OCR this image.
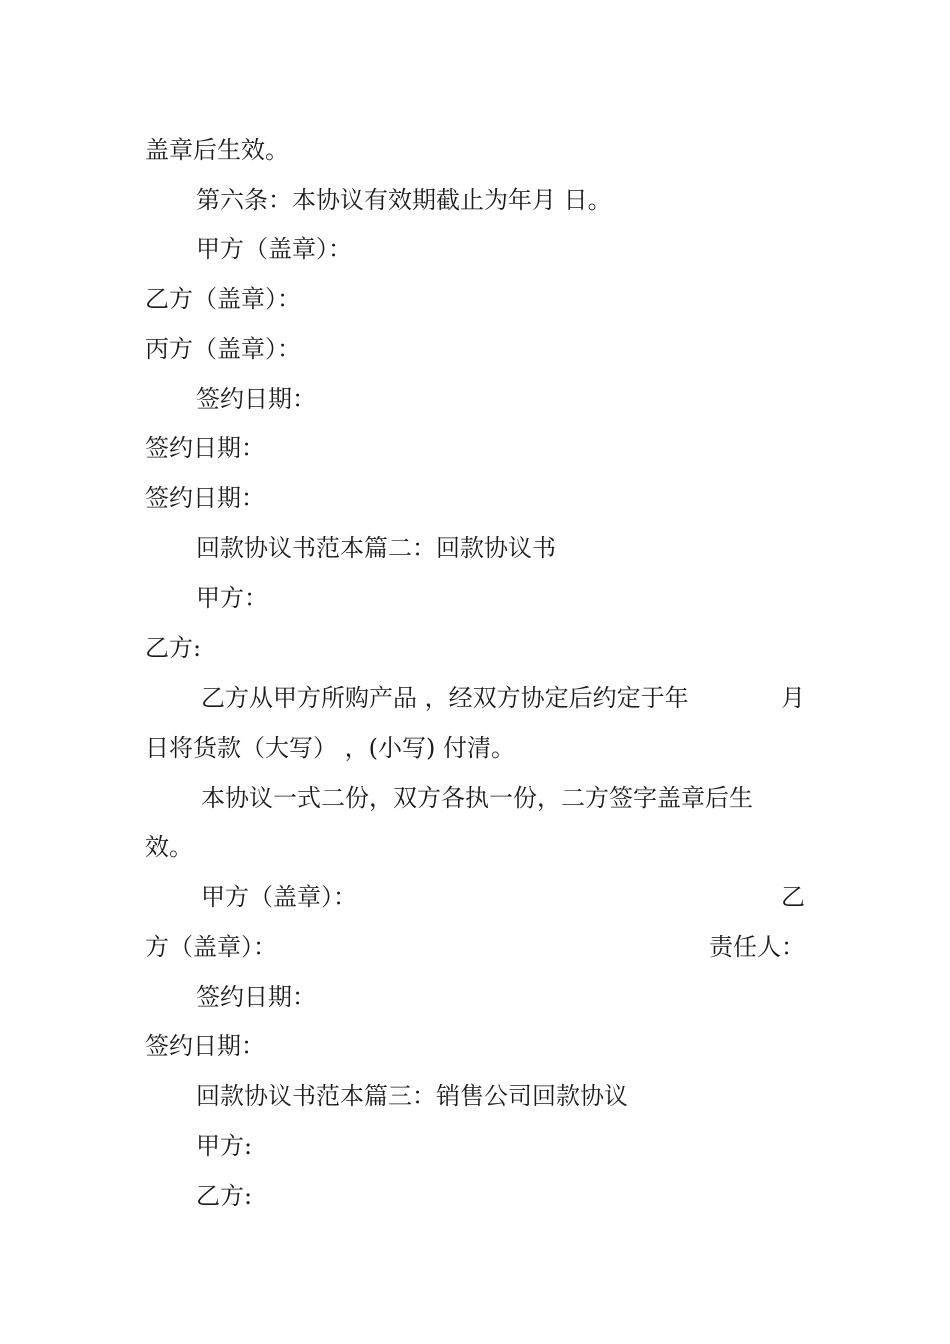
盖章后生效。
第六条：本协议有效期截止为年月 日。
甲方（盖章）：
乙方（盖章）：
丙方（盖章）：
签约日期：
签约日期：
签约日期：
回款协议书范本篇二：回款协议书
甲方：
乙方:
乙方从甲方所购产品 ，经双方协定后约定于年	月
日将货款（大写） ，(小写) 付清。
本协议一式二份，双方各执一份，二方签字盖章后生
效。
甲方（盖章）：	乙
方（盖章）：	责任人：
签约日期：
签约日期：
回款协议书范本篇三：销售公司回款协议
甲方:
乙方:
